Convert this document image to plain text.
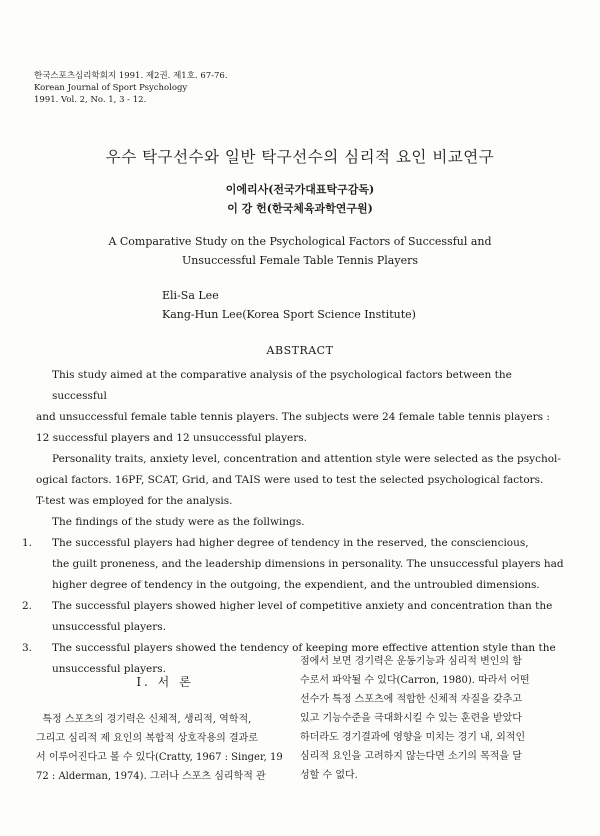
한국스포츠심리학회지 1991. 제2권. 제1호. 67-76.
Korean Journal of Sport Psychology
1991. Vol. 2, No. 1, 3 - 12.
우수 탁구선수와 일반 탁구선수의 심리적 요인 비교연구
이에리사(전국가대표탁구감독)
이 강 헌(한국체육과학연구원)
A Comparative Study on the Psychological Factors of Successful and
Unsuccessful Female Table Tennis Players
Eli-Sa Lee
Kang-Hun Lee(Korea Sport Science Institute)
ABSTRACT

This study aimed at the comparative analysis of the psychological factors between the successful

and unsuccessful female table tennis players. The subjects were 24 female table tennis players :

12 successful players and 12 unsuccessful players.

Personality traits, anxiety level, concentration and attention style were selected as the psychol-

ogical factors. 16PF, SCAT, Grid, and TAIS were used to test the selected psychological factors.

T-test was employed for the analysis.

The findings of the study were as the follwings.

1. The successful players had higher degree of tendency in the reserved, the consciencious,

the guilt proneness, and the leadership dimensions in personality. The unsuccessful players had

higher degree of tendency in the outgoing, the expendient, and the untroubled dimensions.

2. The successful players showed higher level of competitive anxiety and concentration than the

unsuccessful players.

3. The successful players showed the tendency of keeping more effective attention style than the

unsuccessful players.

Ⅰ. 서 론

특정 스포츠의 경기력은 신체적, 생리적, 역학적,

그리고 심리적 제 요인의 복합적 상호작용의 결과로

서 이루어진다고 볼 수 있다(Cratty, 1967 : Singer, 19

72 : Alderman, 1974). 그러나 스포츠 심리학적 관

점에서 보면 경기력은 운동기능과 심리적 변인의 함

수로서 파악될 수 있다(Carron, 1980). 따라서 어떤

선수가 특정 스포츠에 적합한 신체적 자질을 갖추고

있고 기능수준을 극대화시킬 수 있는 훈련을 받았다

하더라도 경기결과에 영향을 미치는 경기 내, 외적인

심리적 요인을 고려하지 않는다면 소기의 목적을 달

성할 수 없다.
